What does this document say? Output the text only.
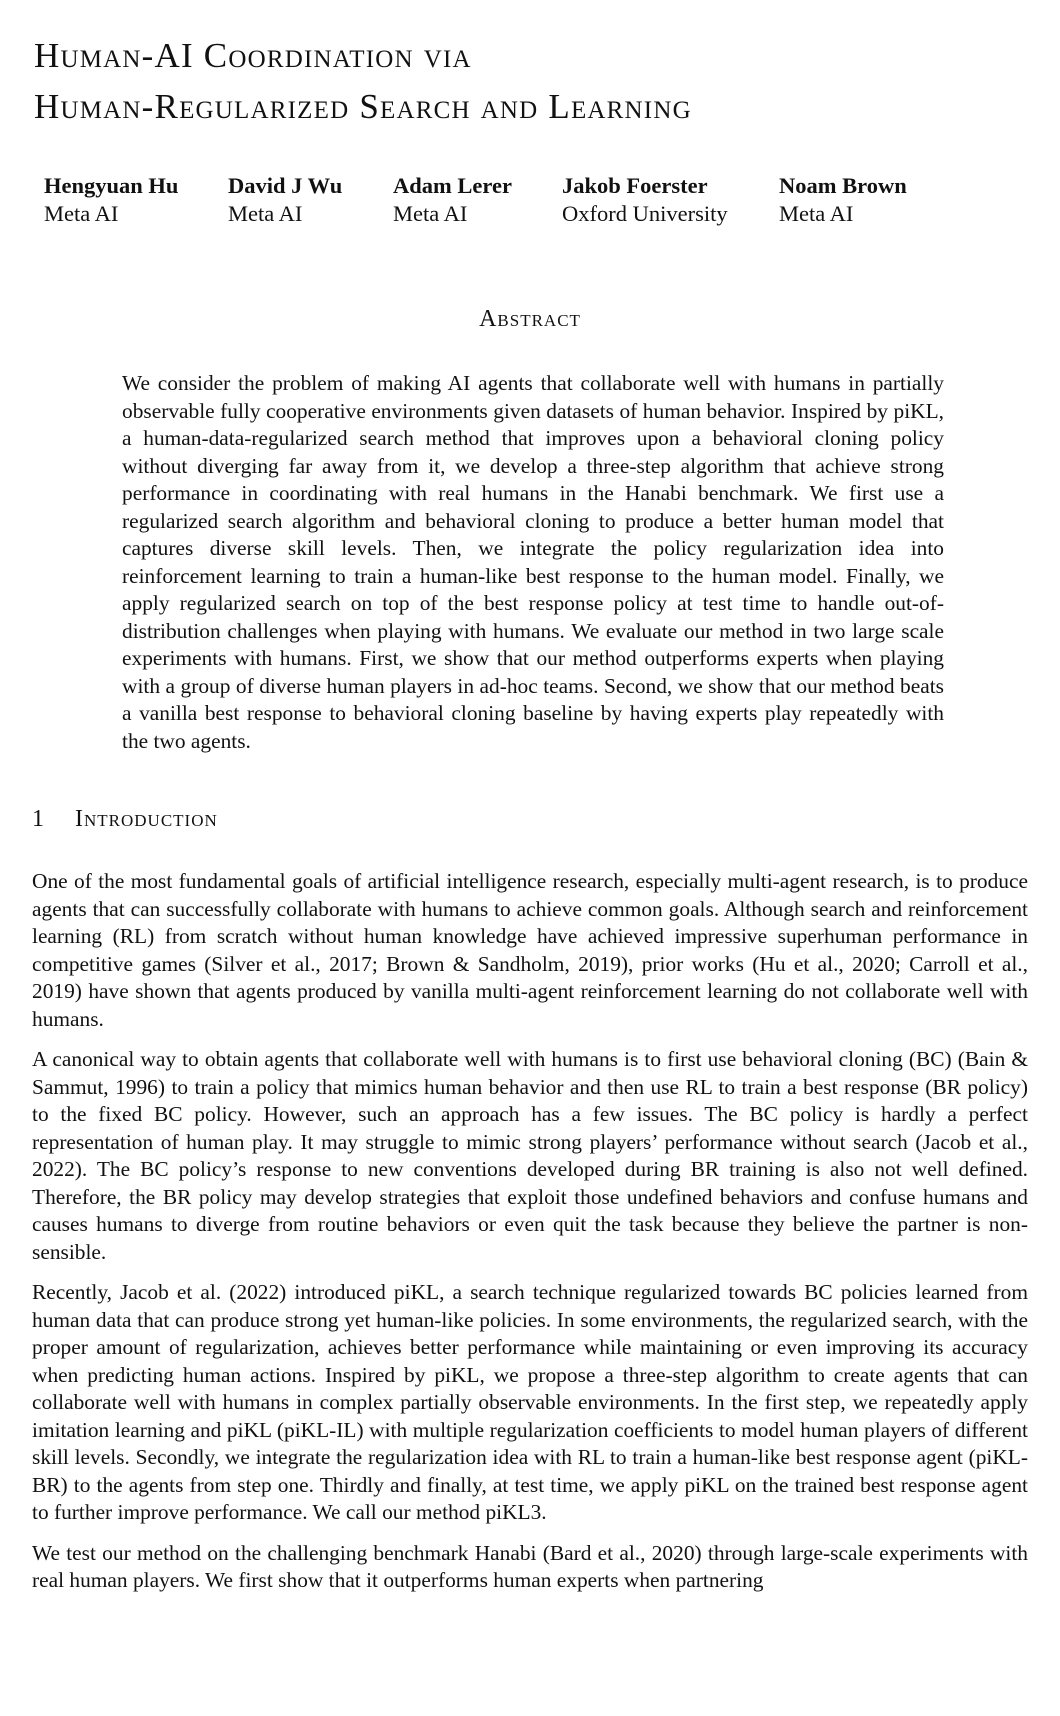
Human-AI Coordination via
Human-Regularized Search and Learning
Hengyuan Hu
Meta AI
David J Wu
Meta AI
Adam Lerer
Meta AI
Jakob Foerster
Oxford University
Noam Brown
Meta AI
Abstract

We consider the problem of making AI agents that collaborate well with humans in partially observable fully cooperative environments given datasets of human behavior. Inspired by piKL, a human-data-regularized search method that improves upon a behavioral cloning policy without diverging far away from it, we develop a three-step algorithm that achieve strong performance in coordinating with real humans in the Hanabi benchmark. We first use a regularized search algorithm and behavioral cloning to produce a better human model that captures diverse skill levels. Then, we integrate the policy regularization idea into reinforcement learning to train a human-like best response to the human model. Finally, we apply regularized search on top of the best response policy at test time to handle out-of-distribution challenges when playing with humans. We evaluate our method in two large scale experiments with humans. First, we show that our method outperforms experts when playing with a group of diverse human players in ad-hoc teams. Second, we show that our method beats a vanilla best response to behavioral cloning baseline by having experts play repeatedly with the two agents.

1 Introduction

One of the most fundamental goals of artificial intelligence research, especially multi-agent research, is to produce agents that can successfully collaborate with humans to achieve common goals. Although search and reinforcement learning (RL) from scratch without human knowledge have achieved impressive superhuman performance in competitive games (Silver et al., 2017; Brown & Sandholm, 2019), prior works (Hu et al., 2020; Carroll et al., 2019) have shown that agents produced by vanilla multi-agent reinforcement learning do not collaborate well with humans.

A canonical way to obtain agents that collaborate well with humans is to first use behavioral cloning (BC) (Bain & Sammut, 1996) to train a policy that mimics human behavior and then use RL to train a best response (BR policy) to the fixed BC policy. However, such an approach has a few issues. The BC policy is hardly a perfect representation of human play. It may struggle to mimic strong players’ performance without search (Jacob et al., 2022). The BC policy’s response to new conventions developed during BR training is also not well defined. Therefore, the BR policy may develop strategies that exploit those undefined behaviors and confuse humans and causes humans to diverge from routine behaviors or even quit the task because they believe the partner is non-sensible.

Recently, Jacob et al. (2022) introduced piKL, a search technique regularized towards BC policies learned from human data that can produce strong yet human-like policies. In some environments, the regularized search, with the proper amount of regularization, achieves better performance while maintaining or even improving its accuracy when predicting human actions. Inspired by piKL, we propose a three-step algorithm to create agents that can collaborate well with humans in complex partially observable environments. In the first step, we repeatedly apply imitation learning and piKL (piKL-IL) with multiple regularization coefficients to model human players of different skill levels. Secondly, we integrate the regularization idea with RL to train a human-like best response agent (piKL-BR) to the agents from step one. Thirdly and finally, at test time, we apply piKL on the trained best response agent to further improve performance. We call our method piKL3.

We test our method on the challenging benchmark Hanabi (Bard et al., 2020) through large-scale experiments with real human players. We first show that it outperforms human experts when partnering
